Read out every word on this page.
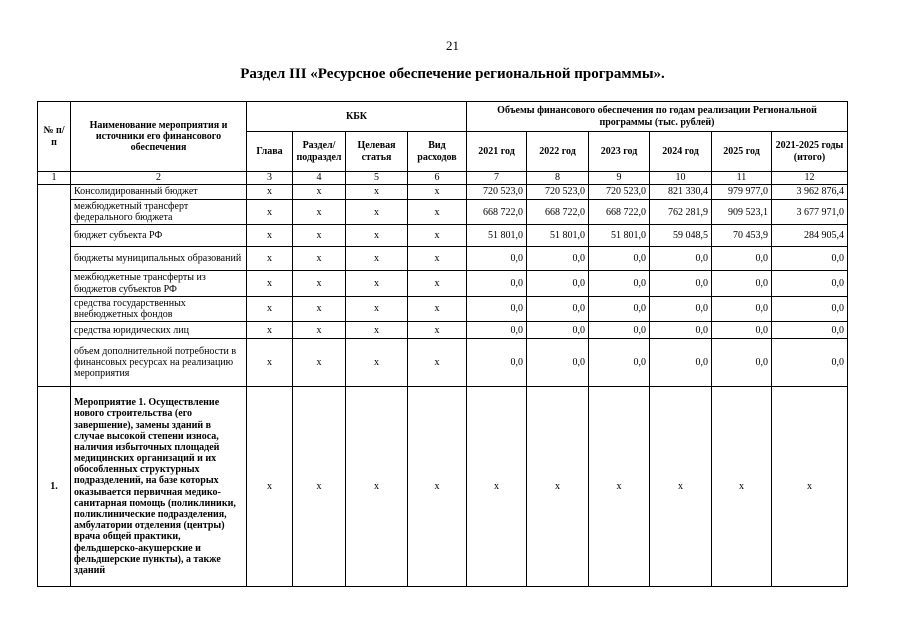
21
Раздел III «Ресурсное обеспечение региональной программы».
№ п/п	Наименование мероприятия и источники его финансового обеспечения	КБК				Объемы финансового обеспечения по годам реализации Региональной программы (тыс. рублей)					
		Глава	Раздел/ подраздел	Целевая статья	Вид расходов	2021 год	2022 год	2023 год	2024 год	2025 год	2021-2025 годы (итого)
1	2	3	4	5	6	7	8	9	10	11	12
	Консолидированный бюджет	x	x	x	x	720 523,0	720 523,0	720 523,0	821 330,4	979 977,0	3 962 876,4
	межбюджетный трансферт федерального бюджета	x	x	x	x	668 722,0	668 722,0	668 722,0	762 281,9	909 523,1	3 677 971,0
	бюджет субъекта РФ	x	x	x	x	51 801,0	51 801,0	51 801,0	59 048,5	70 453,9	284 905,4
	бюджеты муниципальных образований	x	x	x	x	0,0	0,0	0,0	0,0	0,0	0,0
	межбюджетные трансферты из бюджетов субъектов РФ	x	x	x	x	0,0	0,0	0,0	0,0	0,0	0,0
	средства государственных внебюджетных фондов	x	x	x	x	0,0	0,0	0,0	0,0	0,0	0,0
	средства юридических лиц	x	x	x	x	0,0	0,0	0,0	0,0	0,0	0,0
	объем дополнительной потребности в финансовых ресурсах на реализацию мероприятия	x	x	x	x	0,0	0,0	0,0	0,0	0,0	0,0
1.	Мероприятие 1. Осуществление нового строительства (его завершение), замены зданий в случае высокой степени износа, наличия избыточных площадей медицинских организаций и их обособленных структурных подразделений, на базе которых оказывается первичная медико-санитарная помощь (поликлиники, поликлинические подразделения, амбулатории отделения (центры) врача общей практики, фельдшерско-акушерские и фельдшерские пункты), а также зданий	x	x	x	x	x	x	x	x	x	x
